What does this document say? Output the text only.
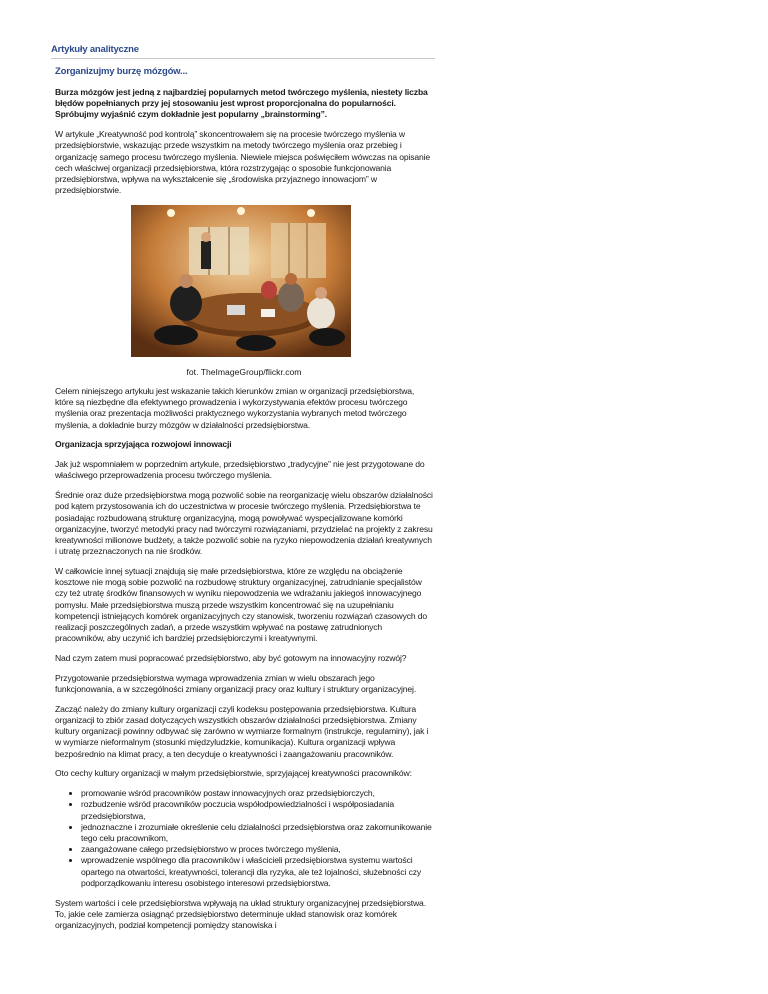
Artykuły analityczne
Zorganizujmy burzę mózgów...

Burza mózgów jest jedną z najbardziej popularnych metod twórczego myślenia, niestety liczba błędów popełnianych przy jej stosowaniu jest wprost proporcjonalna do popularności. Spróbujmy wyjaśnić czym dokładnie jest popularny „brainstorming”.

W artykule „Kreatywność pod kontrolą” skoncentrowałem się na procesie twórczego myślenia w przedsiębiorstwie, wskazując przede wszystkim na metody twórczego myślenia oraz przebieg i organizację samego procesu twórczego myślenia. Niewiele miejsca poświęciłem wówczas na opisanie cech właściwej organizacji przedsiębiorstwa, która rozstrzygając o sposobie funkcjonowania przedsiębiorstwa, wpływa na wykształcenie się „środowiska przyjaznego innowacjom” w przedsiębiorstwie.

fot. TheImageGroup/flickr.com

Celem niniejszego artykułu jest wskazanie takich kierunków zmian w organizacji przedsiębiorstwa, które są niezbędne dla efektywnego prowadzenia i wykorzystywania efektów procesu twórczego myślenia oraz prezentacja możliwości praktycznego wykorzystania wybranych metod twórczego myślenia, a dokładnie burzy mózgów w działalności przedsiębiorstwa.

Organizacja sprzyjająca rozwojowi innowacji

Jak już wspomniałem w poprzednim artykule, przedsiębiorstwo „tradycyjne” nie jest przygotowane do właściwego przeprowadzenia procesu twórczego myślenia.

Średnie oraz duże przedsiębiorstwa mogą pozwolić sobie na reorganizację wielu obszarów działalności pod kątem przystosowania ich do uczestnictwa w procesie twórczego myślenia. Przedsiębiorstwa te posiadając rozbudowaną strukturę organizacyjną, mogą powoływać wyspecjalizowane komórki organizacyjne, tworzyć metodyki pracy nad twórczymi rozwiązaniami, przydzielać na projekty z zakresu kreatywności milionowe budżety, a także pozwolić sobie na ryzyko niepowodzenia działań kreatywnych i utratę przeznaczonych na nie środków.

W całkowicie innej sytuacji znajdują się małe przedsiębiorstwa, które ze względu na obciążenie kosztowe nie mogą sobie pozwolić na rozbudowę struktury organizacyjnej, zatrudnianie specjalistów czy też utratę środków finansowych w wyniku niepowodzenia we wdrażaniu jakiegoś innowacyjnego pomysłu. Małe przedsiębiorstwa muszą przede wszystkim koncentrować się na uzupełnianiu kompetencji istniejących komórek organizacyjnych czy stanowisk, tworzeniu rozwiązań czasowych do realizacji poszczególnych zadań, a przede wszystkim wpływać na postawę zatrudnionych pracowników, aby uczynić ich bardziej przedsiębiorczymi i kreatywnymi.

Nad czym zatem musi popracować przedsiębiorstwo, aby być gotowym na innowacyjny rozwój?

Przygotowanie przedsiębiorstwa wymaga wprowadzenia zmian w wielu obszarach jego funkcjonowania, a w szczególności zmiany organizacji pracy oraz kultury i struktury organizacyjnej.

Zacząć należy do zmiany kultury organizacji czyli kodeksu postępowania przedsiębiorstwa. Kultura organizacji to zbiór zasad dotyczących wszystkich obszarów działalności przedsiębiorstwa. Zmiany kultury organizacji powinny odbywać się zarówno w wymiarze formalnym (instrukcje, regulaminy), jak i w wymiarze nieformalnym (stosunki międzyludzkie, komunikacja). Kultura organizacji wpływa bezpośrednio na klimat pracy, a ten decyduje o kreatywności i zaangażowaniu pracowników.

Oto cechy kultury organizacji w małym przedsiębiorstwie, sprzyjającej kreatywności pracowników:

• promowanie wśród pracowników postaw innowacyjnych oraz przedsiębiorczych,
• rozbudzenie wśród pracowników poczucia współodpowiedzialności i współposiadania przedsiębiorstwa,
• jednoznaczne i zrozumiałe określenie celu działalności przedsiębiorstwa oraz zakomunikowanie tego celu pracownikom,
• zaangażowane całego przedsiębiorstwo w proces twórczego myślenia,
• wprowadzenie wspólnego dla pracowników i właścicieli przedsiębiorstwa systemu wartości opartego na otwartości, kreatywności, tolerancji dla ryzyka, ale też lojalności, służebności czy podporządkowaniu interesu osobistego interesowi przedsiębiorstwa.

System wartości i cele przedsiębiorstwa wpływają na układ struktury organizacyjnej przedsiębiorstwa. To, jakie cele zamierza osiągnąć przedsiębiorstwo determinuje układ stanowisk oraz komórek organizacyjnych, podział kompetencji pomiędzy stanowiska i
